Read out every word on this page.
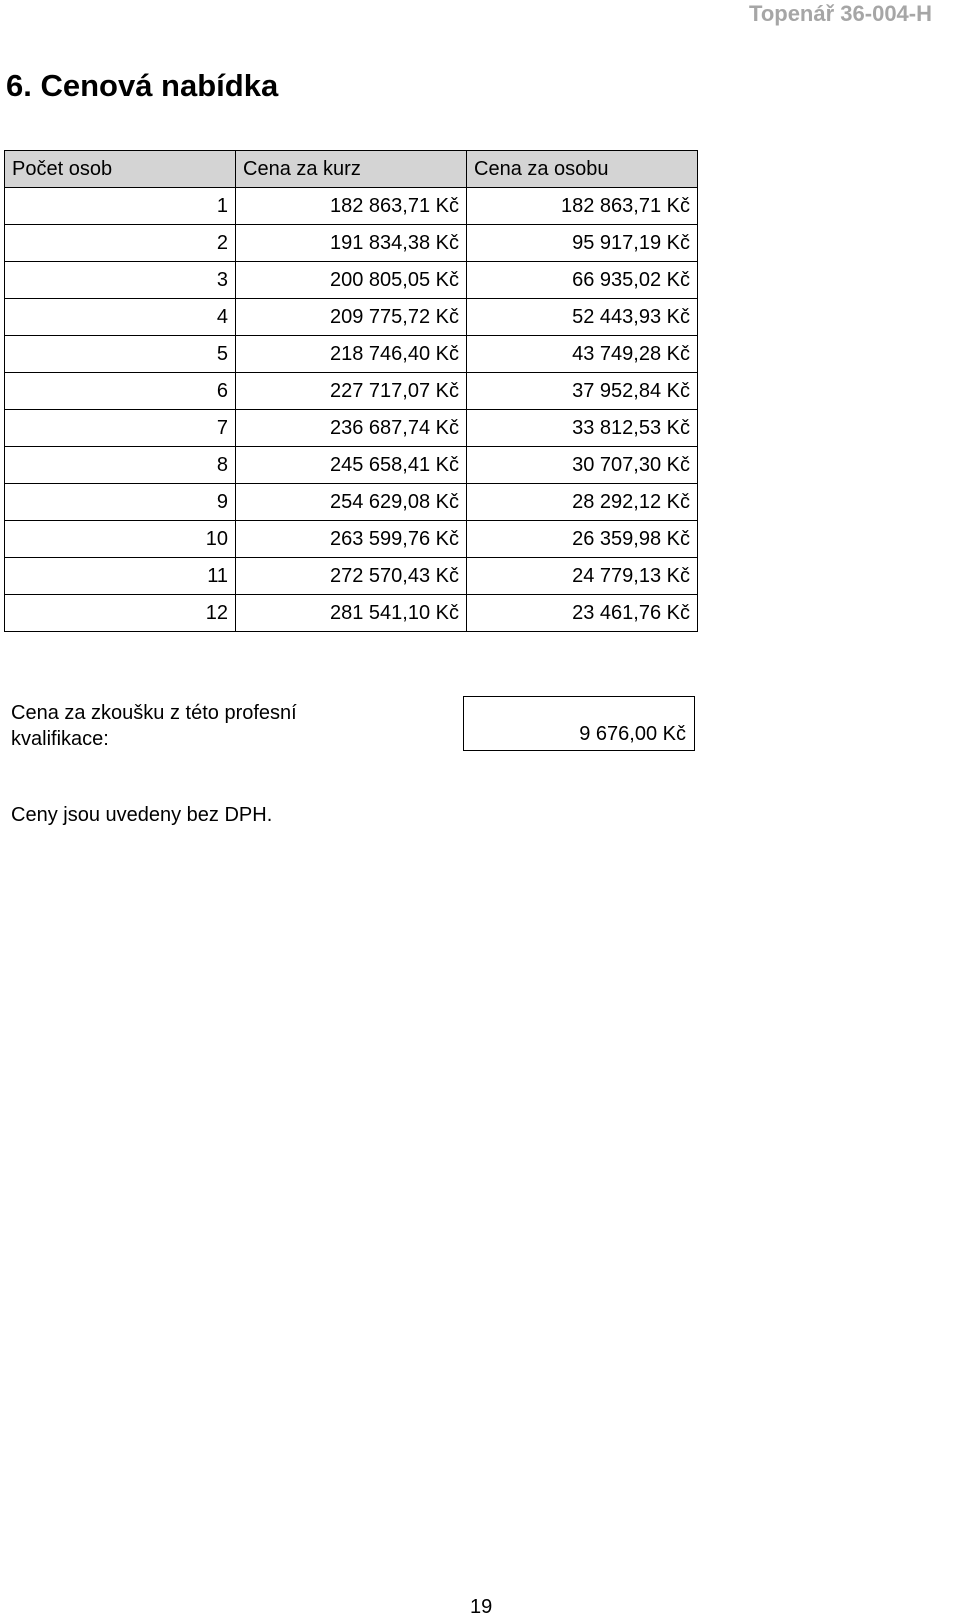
Topenář 36-004-H
6. Cenová nabídka
Počet osob	Cena za kurz	Cena za osobu
1	182 863,71 Kč	182 863,71 Kč
2	191 834,38 Kč	95 917,19 Kč
3	200 805,05 Kč	66 935,02 Kč
4	209 775,72 Kč	52 443,93 Kč
5	218 746,40 Kč	43 749,28 Kč
6	227 717,07 Kč	37 952,84 Kč
7	236 687,74 Kč	33 812,53 Kč
8	245 658,41 Kč	30 707,30 Kč
9	254 629,08 Kč	28 292,12 Kč
10	263 599,76 Kč	26 359,98 Kč
11	272 570,43 Kč	24 779,13 Kč
12	281 541,10 Kč	23 461,76 Kč
Cena za zkoušku z této profesní
kvalifikace:	9 676,00 Kč
Ceny jsou uvedeny bez DPH.
19
